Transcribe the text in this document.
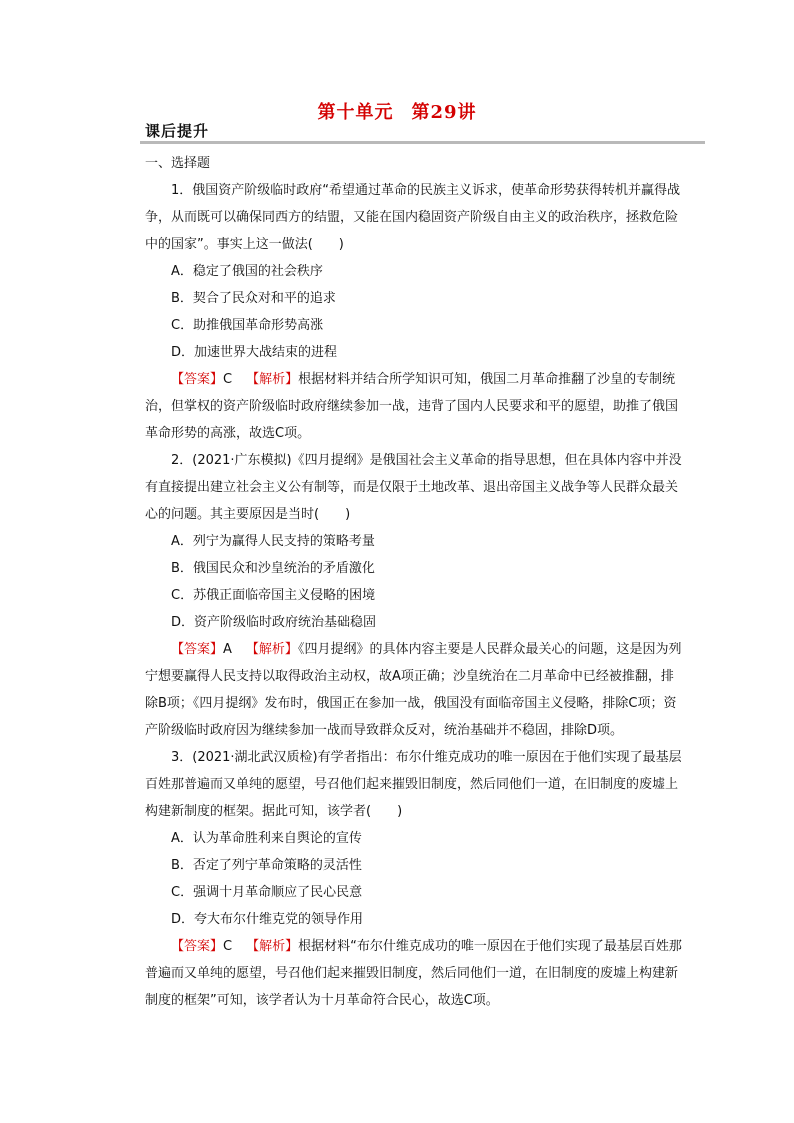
第十单元 第29讲
课后提升

一、选择题

1．俄国资产阶级临时政府“希望通过革命的民族主义诉求，使革命形势获得转机并赢得战争，从而既可以确保同西方的结盟，又能在国内稳固资产阶级自由主义的政治秩序，拯救危险中的国家”。事实上这一做法(　　)

A．稳定了俄国的社会秩序

B．契合了民众对和平的追求

C．助推俄国革命形势高涨

D．加速世界大战结束的进程

【答案】C 【解析】根据材料并结合所学知识可知，俄国二月革命推翻了沙皇的专制统治，但掌权的资产阶级临时政府继续参加一战，违背了国内人民要求和平的愿望，助推了俄国革命形势的高涨，故选C项。

2．(2021·广东模拟)《四月提纲》是俄国社会主义革命的指导思想，但在具体内容中并没有直接提出建立社会主义公有制等，而是仅限于土地改革、退出帝国主义战争等人民群众最关心的问题。其主要原因是当时(　　)

A．列宁为赢得人民支持的策略考量

B．俄国民众和沙皇统治的矛盾激化

C．苏俄正面临帝国主义侵略的困境

D．资产阶级临时政府统治基础稳固

【答案】A 【解析】《四月提纲》的具体内容主要是人民群众最关心的问题，这是因为列宁想要赢得人民支持以取得政治主动权，故A项正确；沙皇统治在二月革命中已经被推翻，排除B项；《四月提纲》发布时，俄国正在参加一战，俄国没有面临帝国主义侵略，排除C项；资产阶级临时政府因为继续参加一战而导致群众反对，统治基础并不稳固，排除D项。

3．(2021·湖北武汉质检)有学者指出：布尔什维克成功的唯一原因在于他们实现了最基层百姓那普遍而又单纯的愿望，号召他们起来摧毁旧制度，然后同他们一道，在旧制度的废墟上构建新制度的框架。据此可知，该学者(　　)

A．认为革命胜利来自舆论的宣传

B．否定了列宁革命策略的灵活性

C．强调十月革命顺应了民心民意

D．夸大布尔什维克党的领导作用

【答案】C 【解析】根据材料“布尔什维克成功的唯一原因在于他们实现了最基层百姓那普遍而又单纯的愿望，号召他们起来摧毁旧制度，然后同他们一道，在旧制度的废墟上构建新制度的框架”可知，该学者认为十月革命符合民心，故选C项。
